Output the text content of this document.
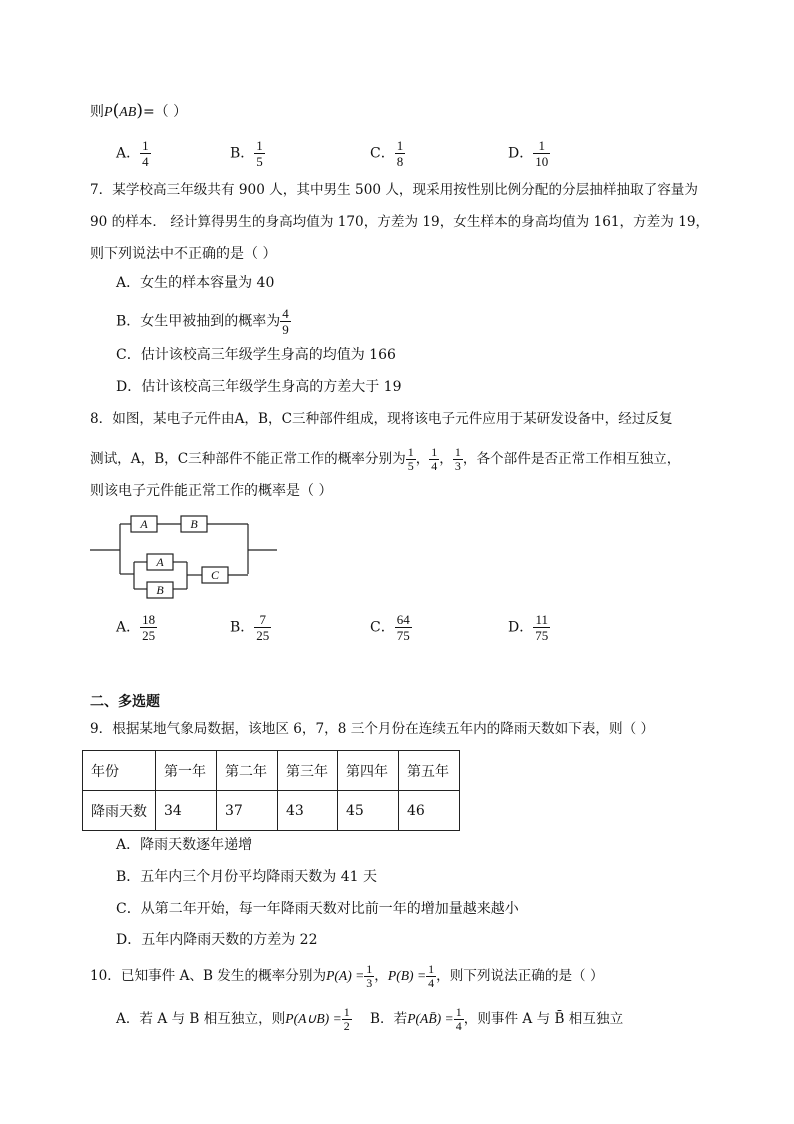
则P(AB)=（ ）
A． $\frac{1}{4}$	B． $\frac{1}{5}$	C． $\frac{1}{8}$	D． $\frac{1}{10}$
7．某学校高三年级共有 900 人，其中男生 500 人，现采用按性别比例分配的分层抽样抽取了容量为
90 的样本． 经计算得男生的身高均值为 170，方差为 19，女生样本的身高均值为 161，方差为 19，
则下列说法中不正确的是（ ）
A．女生的样本容量为 40
B．女生甲被抽到的概率为 $\frac{4}{9}$
C．估计该校高三年级学生身高的均值为 166
D．估计该校高三年级学生身高的方差大于 19
8．如图，某电子元件由A，B，C三种部件组成，现将该电子元件应用于某研发设备中，经过反复
测试，A，B，C三种部件不能正常工作的概率分别为 $\frac{1}{5}$ ， $\frac{1}{4}$ ， $\frac{1}{3}$ ，各个部件是否正常工作相互独立，
则该电子元件能正常工作的概率是（ ）
A	B
A
B
C
A． $\frac{18}{25}$	B． $\frac{7}{25}$	C． $\frac{64}{75}$	D． $\frac{11}{75}$
二、多选题
9．根据某地气象局数据，该地区 6，7，8 三个月份在连续五年内的降雨天数如下表，则（ ）
年份	第一年	第二年	第三年	第四年	第五年
降雨天数	34	37	43	45	46
A．降雨天数逐年递增
B．五年内三个月份平均降雨天数为 41 天
C．从第二年开始，每一年降雨天数对比前一年的增加量越来越小
D．五年内降雨天数的方差为 22
10．已知事件 A、B 发生的概率分别为$P(A) = \frac{1}{3}$ ，$P(B) = \frac{1}{4}$ ，则下列说法正确的是（ ）
A．若 A 与 B 相互独立，则P(A∪B) = $\frac{1}{2}$ B．若P(AB̄) = $\frac{1}{4}$ ，则事件 A 与 B̄ 相互独立
